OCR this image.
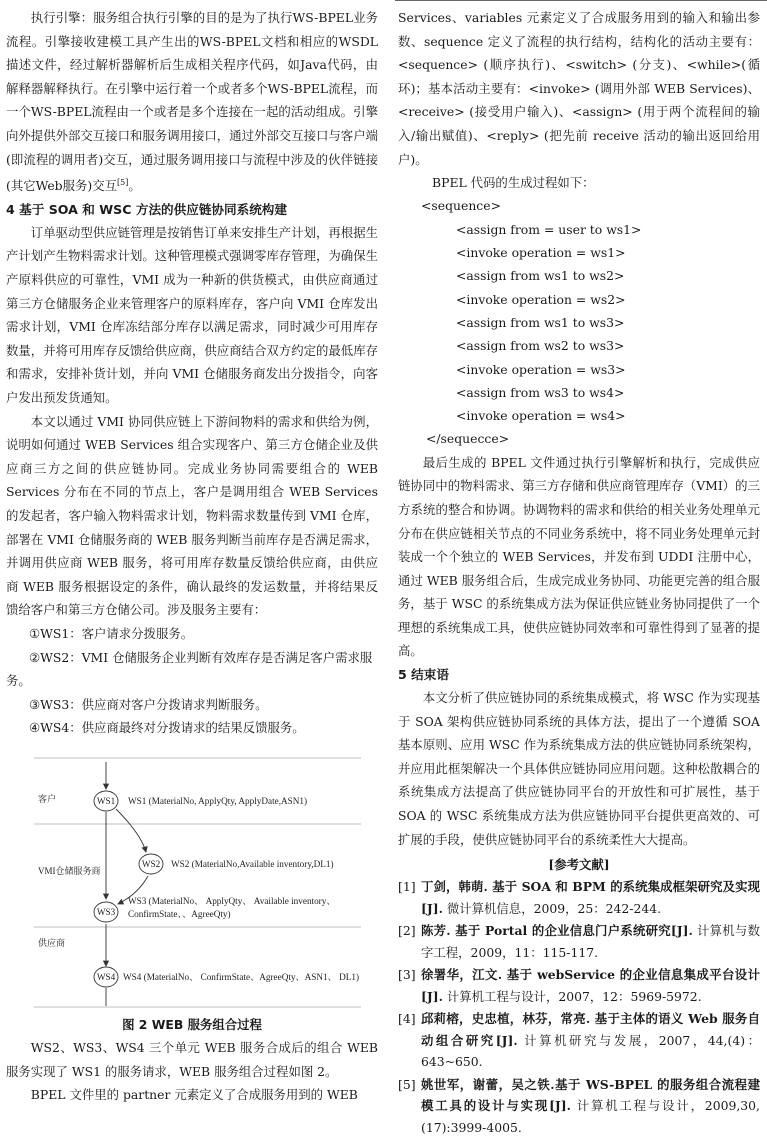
执行引擎：服务组合执行引擎的目的是为了执行WS-BPEL业务流程。引擎接收建模工具产生出的WS-BPEL文档和相应的WSDL描述文件，经过解析器解析后生成相关程序代码，如Java代码，由解释器解释执行。在引擎中运行着一个或者多个WS-BPEL流程，而一个WS-BPEL流程由一个或者是多个连接在一起的活动组成。引擎向外提供外部交互接口和服务调用接口，通过外部交互接口与客户端(即流程的调用者)交互，通过服务调用接口与流程中涉及的伙伴链接(其它Web服务)交互[5]。

4 基于 SOA 和 WSC 方法的供应链协同系统构建

订单驱动型供应链管理是按销售订单来安排生产计划，再根据生产计划产生物料需求计划。这种管理模式强调零库存管理，为确保生产原料供应的可靠性，VMI 成为一种新的供货模式，由供应商通过第三方仓储服务企业来管理客户的原料库存，客户向 VMI 仓库发出需求计划，VMI 仓库冻结部分库存以满足需求，同时减少可用库存数量，并将可用库存反馈给供应商，供应商结合双方约定的最低库存和需求，安排补货计划，并向 VMI 仓储服务商发出分拨指令，向客户发出预发货通知。

本文以通过 VMI 协同供应链上下游间物料的需求和供给为例，说明如何通过 WEB Services 组合实现客户、第三方仓储企业及供应商三方之间的供应链协同。完成业务协同需要组合的 WEB Services 分布在不同的节点上，客户是调用组合 WEB Services 的发起者，客户输入物料需求计划，物料需求数量传到 VMI 仓库，部署在 VMI 仓储服务商的 WEB 服务判断当前库存是否满足需求，并调用供应商 WEB 服务，将可用库存数量反馈给供应商，由供应商 WEB 服务根据设定的条件，确认最终的发运数量，并将结果反馈给客户和第三方仓储公司。涉及服务主要有：

①WS1：客户请求分拨服务。
②WS2：VMI 仓储服务企业判断有效库存是否满足客户需求服务。
③WS3：供应商对客户分拨请求判断服务。
④WS4：供应商最终对分拨请求的结果反馈服务。
客户
VMI仓储服务商
供应商
WS1
WS2
WS3
WS4
WS1 (MaterialNo, ApplyQty, ApplyDate,ASN1)
WS2 (MaterialNo,Available inventory,DL1)
WS3 (MaterialNo、 ApplyQty、 Available inventory、
ConfirmState、、AgreeQty)
WS4 (MaterialNo、 ConfirmState、AgreeQty、ASN1、 DL1)
图 2 WEB 服务组合过程

WS2、WS3、WS4 三个单元 WEB 服务合成后的组合 WEB 服务实现了 WS1 的服务请求，WEB 服务组合过程如图 2。

BPEL 文件里的 partner 元素定义了合成服务用到的 WEB

Services、variables 元素定义了合成服务用到的输入和输出参数、sequence 定义了流程的执行结构，结构化的活动主要有：<sequence> (顺序执行)、<switch> (分支)、<while>(循环)；基本活动主要有：<invoke> (调用外部 WEB Services)、<receive> (接受用户输入)、<assign> (用于两个流程间的输入/输出赋值)、<reply> (把先前 receive 活动的输出返回给用户)。

BPEL 代码的生成过程如下：
<sequence>
<assign from = user to ws1>
<invoke operation = ws1>
<assign from ws1 to ws2>
<invoke operation = ws2>
<assign from ws1 to ws3>
<assign from ws2 to ws3>
<invoke operation = ws3>
<assign from ws3 to ws4>
<invoke operation = ws4>
</sequecce>

最后生成的 BPEL 文件通过执行引擎解析和执行，完成供应链协同中的物料需求、第三方存储和供应商管理库存（VMI）的三方系统的整合和协调。协调物料的需求和供给的相关业务处理单元分布在供应链相关节点的不同业务系统中，将不同业务处理单元封装成一个个独立的 WEB Services，并发布到 UDDI 注册中心，通过 WEB 服务组合后，生成完成业务协同、功能更完善的组合服务，基于 WSC 的系统集成方法为保证供应链业务协同提供了一个理想的系统集成工具，使供应链协同效率和可靠性得到了显著的提高。

5 结束语

本文分析了供应链协同的系统集成模式，将 WSC 作为实现基于 SOA 架构供应链协同系统的具体方法，提出了一个遵循 SOA 基本原则、应用 WSC 作为系统集成方法的供应链协同系统架构，并应用此框架解决一个具体供应链协同应用问题。这种松散耦合的系统集成方法提高了供应链协同平台的开放性和可扩展性，基于 SOA 的 WSC 系统集成方法为供应链协同平台提供更高效的、可扩展的手段，使供应链协同平台的系统柔性大大提高。

[参考文献]
[1] 丁剑，韩萌. 基于 SOA 和 BPM 的系统集成框架研究及实现[J]. 微计算机信息，2009，25：242-244.
[2] 陈芳. 基于 Portal 的企业信息门户系统研究[J]. 计算机与数字工程，2009，11：115-117.
[3] 徐署华，江文. 基于 webService 的企业信息集成平台设计[J]. 计算机工程与设计，2007，12：5969-5972.
[4] 邱莉榕，史忠植，林芬，常亮. 基于主体的语义 Web 服务自动组合研究[J]. 计算机研究与发展，2007，44,(4)：643~650.
[5] 姚世军，谢蕾，吴之铁.基于 WS-BPEL 的服务组合流程建模工具的设计与实现[J]. 计算机工程与设计，2009,30,(17):3999-4005.
